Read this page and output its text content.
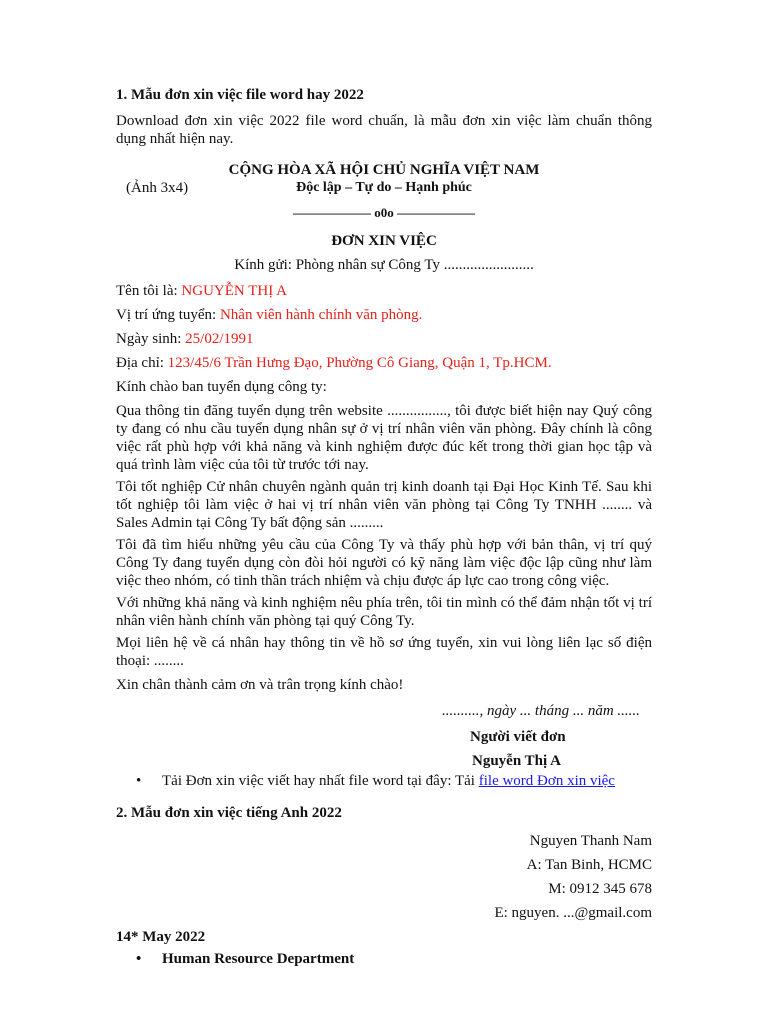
1. Mẫu đơn xin việc file word hay 2022

Download đơn xin việc 2022 file word chuẩn, là mẫu đơn xin việc làm chuẩn thông dụng nhất hiện nay.

CỘNG HÒA XÃ HỘI CHỦ NGHĨA VIỆT NAM
(Ảnh 3x4)	Độc lập – Tự do – Hạnh phúc
—————— o0o ——————
ĐƠN XIN VIỆC

Kính gửi: Phòng nhân sự Công Ty ........................

Tên tôi là: NGUYỄN THỊ A

Vị trí ứng tuyển: Nhân viên hành chính văn phòng.

Ngày sinh: 25/02/1991

Địa chỉ: 123/45/6 Trần Hưng Đạo, Phường Cô Giang, Quận 1, Tp.HCM.

Kính chào ban tuyển dụng công ty:

Qua thông tin đăng tuyển dụng trên website ................, tôi được biết hiện nay Quý công ty đang có nhu cầu tuyển dụng nhân sự ở vị trí nhân viên văn phòng. Đây chính là công việc rất phù hợp với khả năng và kinh nghiệm được đúc kết trong thời gian học tập và quá trình làm việc của tôi từ trước tới nay.

Tôi tốt nghiệp Cử nhân chuyên ngành quản trị kinh doanh tại Đại Học Kinh Tế. Sau khi tốt nghiệp tôi làm việc ở hai vị trí nhân viên văn phòng tại Công Ty TNHH ........ và Sales Admin tại Công Ty bất động sản .........

Tôi đã tìm hiểu những yêu cầu của Công Ty và thấy phù hợp với bản thân, vị trí quý Công Ty đang tuyển dụng còn đòi hỏi người có kỹ năng làm việc độc lập cũng như làm việc theo nhóm, có tinh thần trách nhiệm và chịu được áp lực cao trong công việc.

Với những khả năng và kinh nghiệm nêu phía trên, tôi tin mình có thể đảm nhận tốt vị trí nhân viên hành chính văn phòng tại quý Công Ty.

Mọi liên hệ về cá nhân hay thông tin về hồ sơ ứng tuyển, xin vui lòng liên lạc số điện thoại: ........

Xin chân thành cảm ơn và trân trọng kính chào!

.........., ngày ... tháng ... năm ......
Người viết đơn
Nguyễn Thị A
• Tải Đơn xin việc viết hay nhất file word tại đây: Tải file word Đơn xin việc
2. Mẫu đơn xin việc tiếng Anh 2022
Nguyen Thanh Nam
A: Tan Binh, HCMC
M: 0912 345 678
E: nguyen. ...@gmail.com
14* May 2022
• Human Resource Department
